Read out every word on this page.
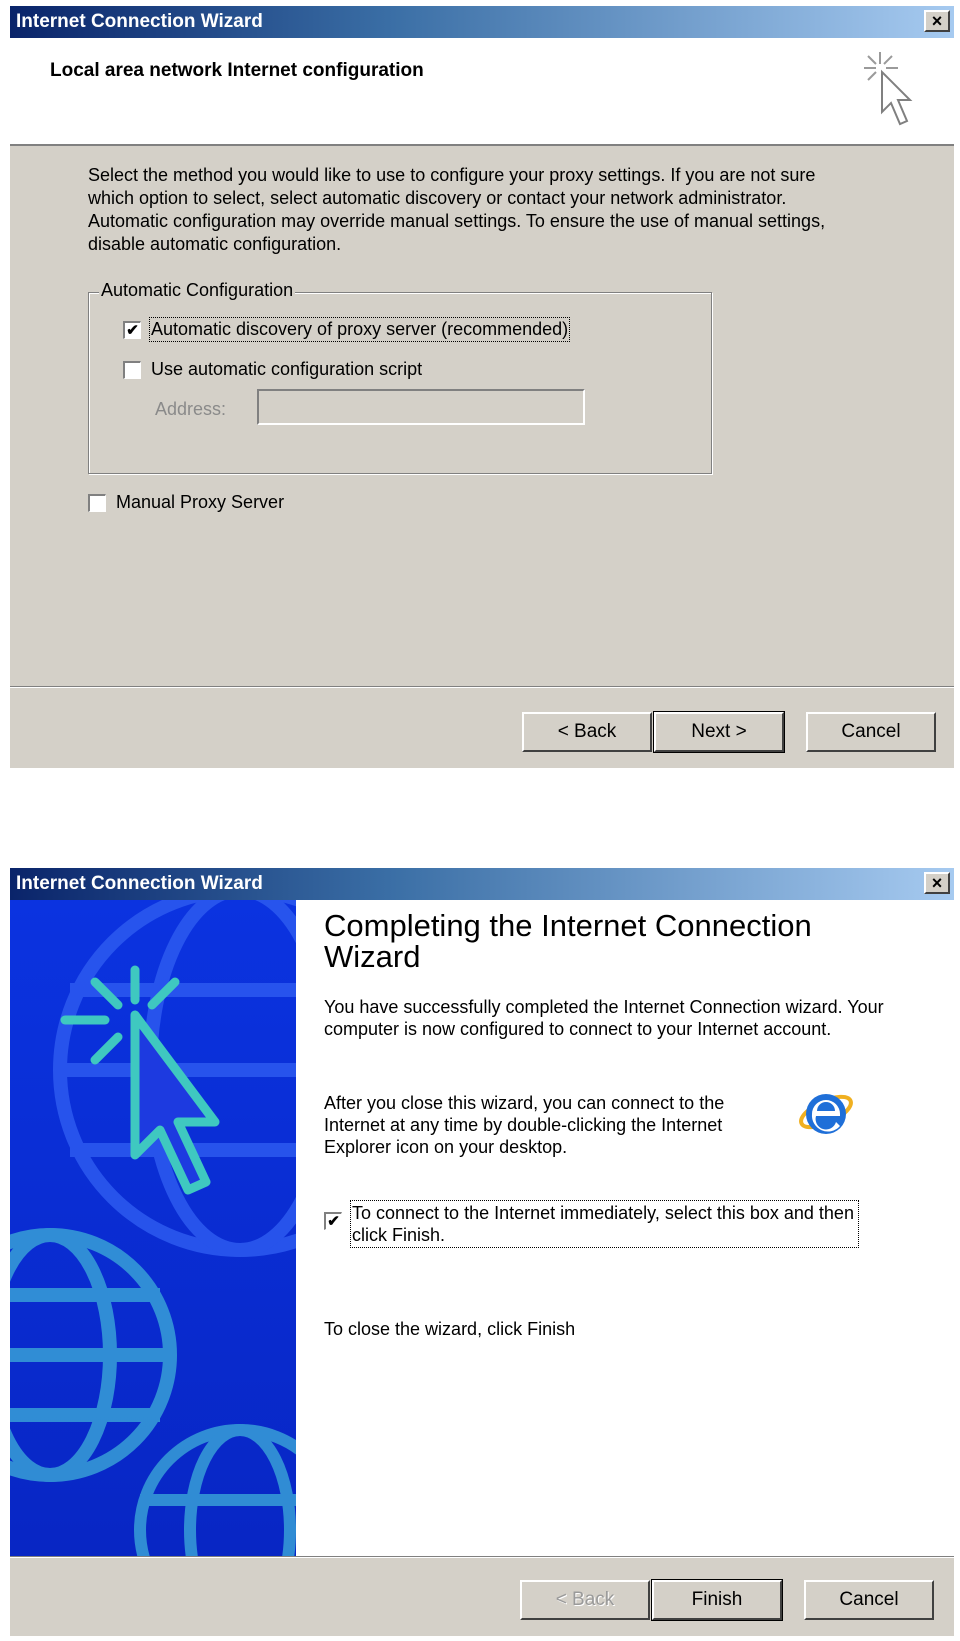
Internet Connection Wizard	×
Local area network Internet configuration
Select the method you would like to use to configure your proxy settings. If you are not sure which option to select, select automatic discovery or contact your network administrator. Automatic configuration may override manual settings. To ensure the use of manual settings, disable automatic configuration.
Automatic Configuration
✔ Automatic discovery of proxy server (recommended)
Use automatic configuration script
Address:
Manual Proxy Server
< Back	Next >	Cancel
Internet Connection Wizard	×
Completing the Internet Connection Wizard
You have successfully completed the Internet Connection wizard. Your computer is now configured to connect to your Internet account.
After you close this wizard, you can connect to the Internet at any time by double-clicking the Internet Explorer icon on your desktop.
✔ To connect to the Internet immediately, select this box and then click Finish.
To close the wizard, click Finish
< Back	Finish	Cancel
